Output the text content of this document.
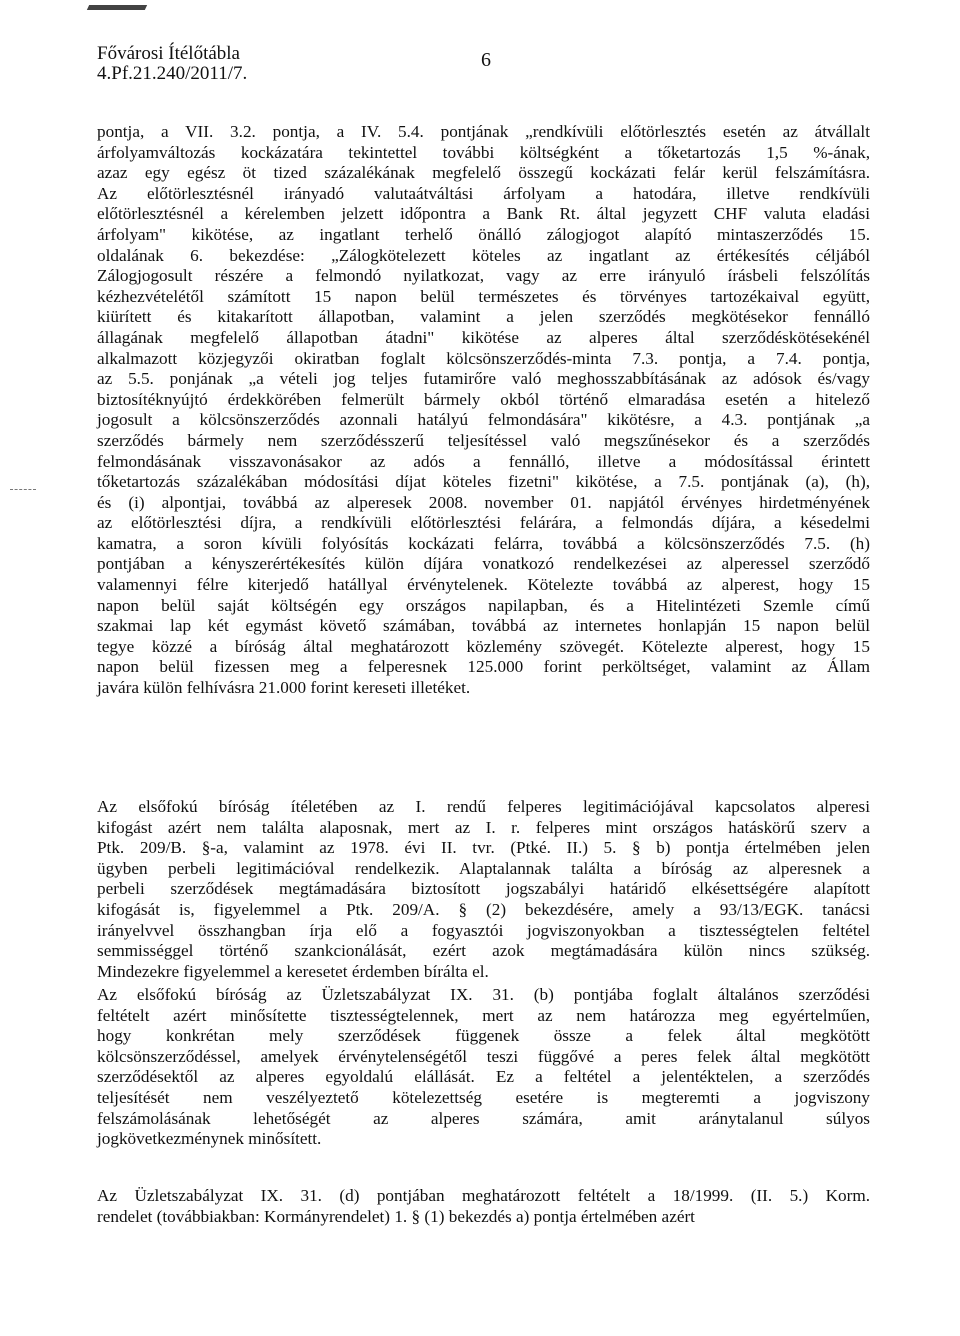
Fővárosi Ítélőtábla
4.Pf.21.240/2011/7.
6
pontja, a VII. 3.2. pontja, a IV. 5.4. pontjának „rendkívüli előtörlesztés esetén az átvállalt
árfolyamváltozás kockázatára tekintettel további költségként a tőketartozás 1,5 %-ának,
azaz egy egész öt tized százalékának megfelelő összegű kockázati felár kerül felszámításra.
Az előtörlesztésnél irányadó valutaátváltási árfolyam a hatodára, illetve rendkívüli
előtörlesztésnél a kérelemben jelzett időpontra a Bank Rt. által jegyzett CHF valuta eladási
árfolyam" kikötése, az ingatlant terhelő önálló zálogjogot alapító mintaszerződés 15.
oldalának 6. bekezdése: „Zálogkötelezett köteles az ingatlant az értékesítés céljából
Zálogjogosult részére a felmondó nyilatkozat, vagy az erre irányuló írásbeli felszólítás
kézhezvételétől számított 15 napon belül természetes és törvényes tartozékaival együtt,
kiürített és kitakarított állapotban, valamint a jelen szerződés megkötésekor fennálló
állagának megfelelő állapotban átadni" kikötése az alperes által szerződéskötésekénél
alkalmazott közjegyzői okiratban foglalt kölcsönszerződés-minta 7.3. pontja, a 7.4. pontja,
az 5.5. ponjának „a vételi jog teljes futamirőre való meghosszabbításának az adósok és/vagy
biztosítéknyújtó érdekkörében felmerült bármely okból történő elmaradása esetén a hitelező
jogosult a kölcsönszerződés azonnali hatályú felmondására" kikötésre, a 4.3. pontjának „a
szerződés bármely nem szerződésszerű teljesítéssel való megszűnésekor és a szerződés
felmondásának visszavonásakor az adós a fennálló, illetve a módosítással érintett
tőketartozás százalékában módosítási díjat köteles fizetni" kikötése, a 7.5. pontjának (a), (h),
és (i) alpontjai, továbbá az alperesek 2008. november 01. napjától érvényes hirdetményének
az előtörlesztési díjra, a rendkívüli előtörlesztési felárára, a felmondás díjára, a késedelmi
kamatra, a soron kívüli folyósítás kockázati felárra, továbbá a kölcsönszerződés 7.5. (h)
pontjában a kényszerértékesítés külön díjára vonatkozó rendelkezései az alperessel szerződő
valamennyi félre kiterjedő hatállyal érvénytelenek. Kötelezte továbbá az alperest, hogy 15
napon belül saját költségén egy országos napilapban, és a Hitelintézeti Szemle című
szakmai lap két egymást követő számában, továbbá az internetes honlapján 15 napon belül
tegye közzé a bíróság által meghatározott közlemény szövegét. Kötelezte alperest, hogy 15
napon belül fizessen meg a felperesnek 125.000 forint perköltséget, valamint az Állam
javára külön felhívásra 21.000 forint kereseti illetéket.
Az elsőfokú bíróság ítéletében az I. rendű felperes legitimációjával kapcsolatos alperesi
kifogást azért nem találta alaposnak, mert az I. r. felperes mint országos hatáskörű szerv a
Ptk. 209/B. §-a, valamint az 1978. évi II. tvr. (Ptké. II.) 5. § b) pontja értelmében jelen
ügyben perbeli legitimációval rendelkezik. Alaptalannak találta a bíróság az alperesnek a
perbeli szerződések megtámadására biztosított jogszabályi határidő elkésettségére alapított
kifogását is, figyelemmel a Ptk. 209/A. § (2) bekezdésére, amely a 93/13/EGK. tanácsi
irányelvvel összhangban írja elő a fogyasztói jogviszonyokban a tisztességtelen feltétel
semmisséggel történő szankcionálását, ezért azok megtámadására külön nincs szükség.
Mindezekre figyelemmel a keresetet érdemben bírálta el.
Az elsőfokú bíróság az Üzletszabályzat IX. 31. (b) pontjába foglalt általános szerződési
feltételt azért minősítette tisztességtelennek, mert az nem határozza meg egyértelműen,
hogy konkrétan mely szerződések függenek össze a felek által megkötött
kölcsönszerződéssel, amelyek érvénytelenségétől teszi függővé a peres felek által megkötött
szerződésektől az alperes egyoldalú elállását. Ez a feltétel a jelentéktelen, a szerződés
teljesítését nem veszélyeztető kötelezettség esetére is megteremti a jogviszony
felszámolásának lehetőségét az alperes számára, amit aránytalanul súlyos
jogkövetkezménynek minősített.
Az Üzletszabályzat IX. 31. (d) pontjában meghatározott feltételt a 18/1999. (II. 5.) Korm.
rendelet (továbbiakban: Kormányrendelet) 1. § (1) bekezdés a) pontja értelmében azért
